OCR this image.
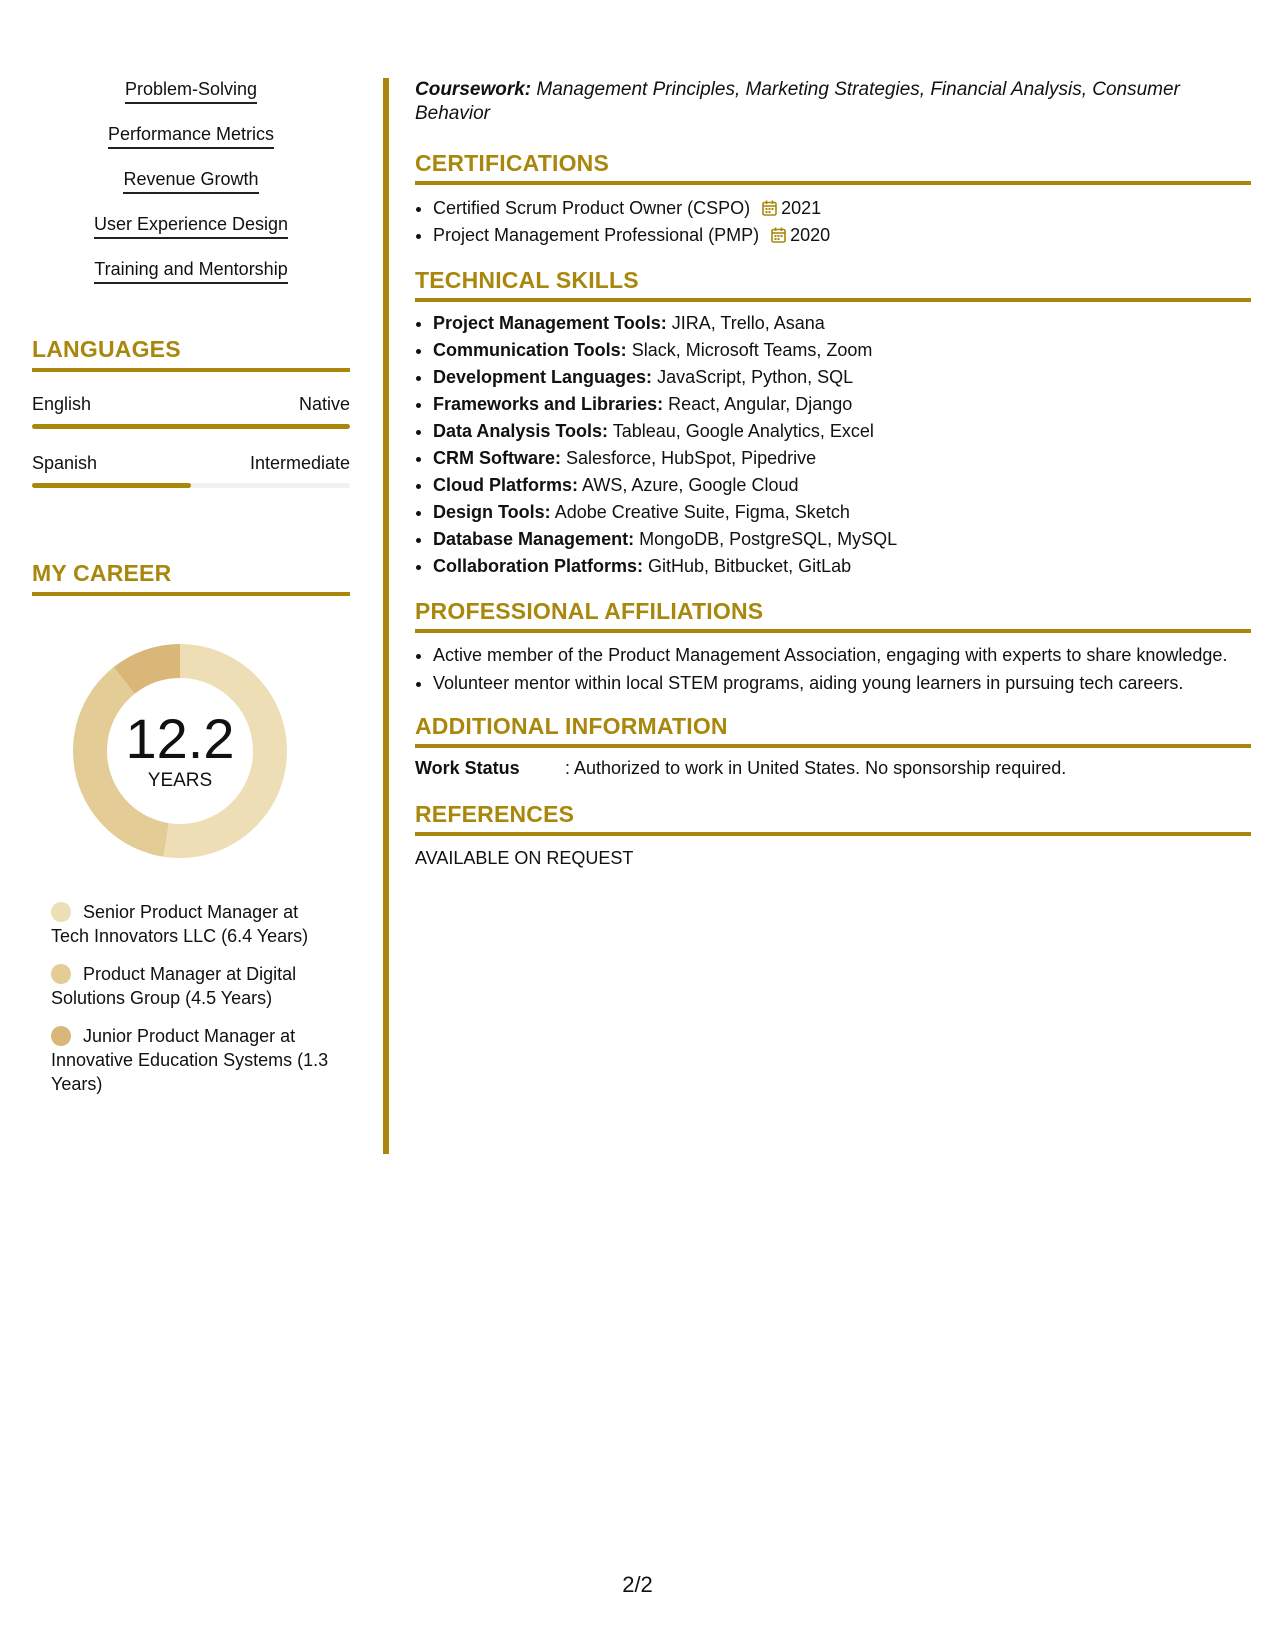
Problem-Solving
Performance Metrics
Revenue Growth
User Experience Design
Training and Mentorship
LANGUAGES
English	Native
Spanish	Intermediate
MY CAREER
12.2
YEARS
Senior Product Manager at Tech Innovators LLC (6.4 Years)
Product Manager at Digital Solutions Group (4.5 Years)
Junior Product Manager at Innovative Education Systems (1.3 Years)
Coursework: Management Principles, Marketing Strategies, Financial Analysis, Consumer Behavior
CERTIFICATIONS
• Certified Scrum Product Owner (CSPO) 2021
• Project Management Professional (PMP) 2020
TECHNICAL SKILLS
• Project Management Tools: JIRA, Trello, Asana
• Communication Tools: Slack, Microsoft Teams, Zoom
• Development Languages: JavaScript, Python, SQL
• Frameworks and Libraries: React, Angular, Django
• Data Analysis Tools: Tableau, Google Analytics, Excel
• CRM Software: Salesforce, HubSpot, Pipedrive
• Cloud Platforms: AWS, Azure, Google Cloud
• Design Tools: Adobe Creative Suite, Figma, Sketch
• Database Management: MongoDB, PostgreSQL, MySQL
• Collaboration Platforms: GitHub, Bitbucket, GitLab
PROFESSIONAL AFFILIATIONS
• Active member of the Product Management Association, engaging with experts to share knowledge.
• Volunteer mentor within local STEM programs, aiding young learners in pursuing tech careers.
ADDITIONAL INFORMATION
Work Status	: Authorized to work in United States. No sponsorship required.
REFERENCES
AVAILABLE ON REQUEST
2/2
